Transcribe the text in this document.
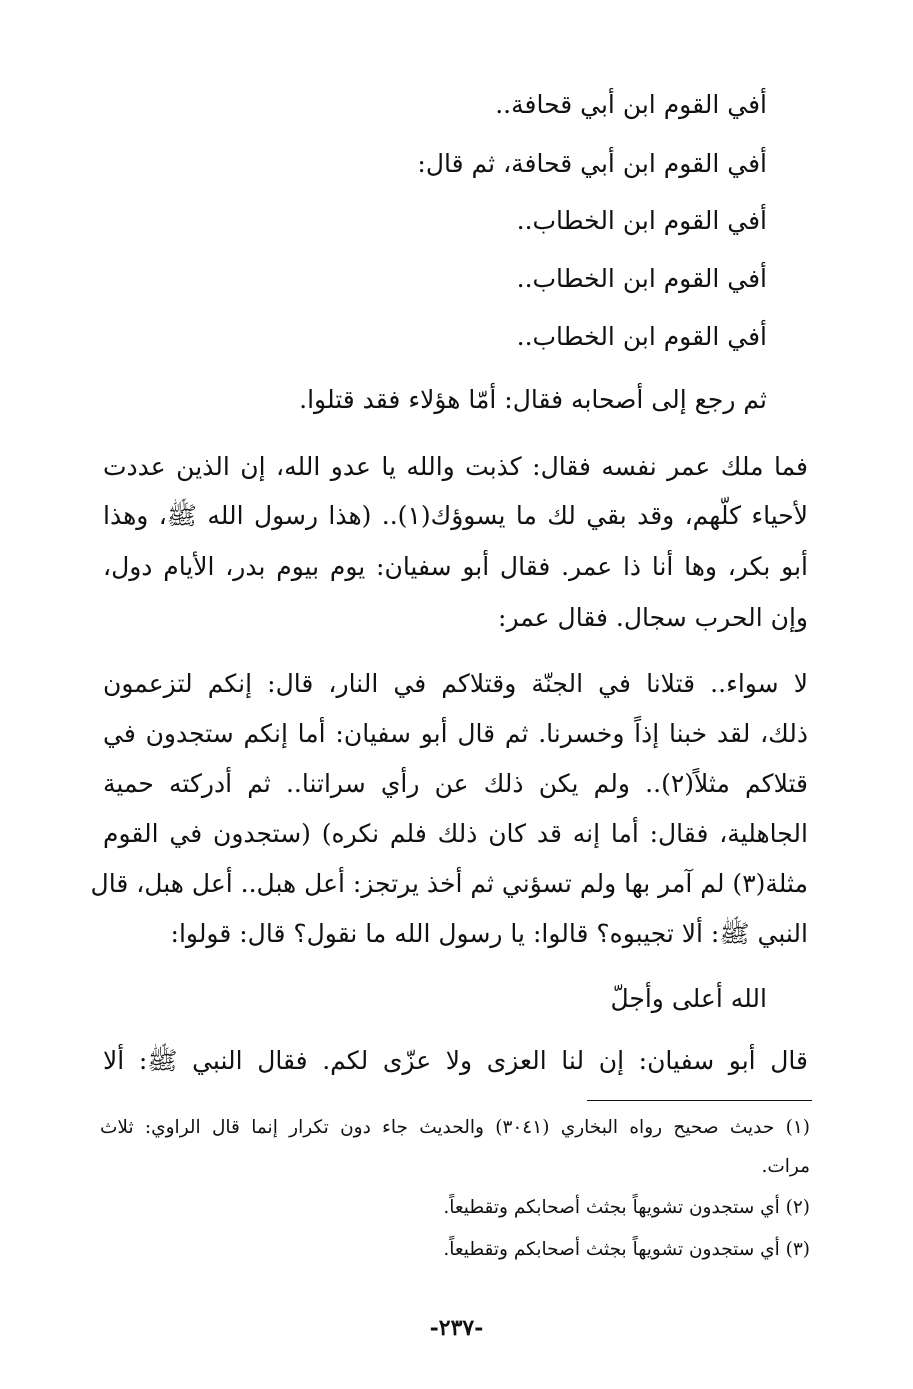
أفي القوم ابن أبي قحافة..
أفي القوم ابن أبي قحافة، ثم قال:
أفي القوم ابن الخطاب..
أفي القوم ابن الخطاب..
أفي القوم ابن الخطاب..
ثم رجع إلى أصحابه فقال: أمّا هؤلاء فقد قتلوا.
فما ملك عمر نفسه فقال: كذبت والله يا عدو الله، إن الذين عددت
لأحياء كلّهم، وقد بقي لك ما يسوؤك(١).. (هذا رسول الله ﷺ، وهذا
أبو بكر، وها أنا ذا عمر. فقال أبو سفيان: يوم بيوم بدر، الأيام دول،
وإن الحرب سجال. فقال عمر:
لا سواء.. قتلانا في الجنّة وقتلاكم في النار، قال: إنكم لتزعمون
ذلك، لقد خبنا إذاً وخسرنا. ثم قال أبو سفيان: أما إنكم ستجدون في
قتلاكم مثلاً(٢).. ولم يكن ذلك عن رأي سراتنا.. ثم أدركته حمية
الجاهلية، فقال: أما إنه قد كان ذلك فلم نكره) (ستجدون في القوم
مثلة(٣) لم آمر بها ولم تسؤني ثم أخذ يرتجز: أعل هبل.. أعل هبل، قال
النبي ﷺ: ألا تجيبوه؟ قالوا: يا رسول الله ما نقول؟ قال: قولوا:
الله أعلى وأجلّ
قال أبو سفيان: إن لنا العزى ولا عزّى لكم. فقال النبي ﷺ: ألا
(١) حديث صحيح رواه البخاري (٣٠٤١) والحديث جاء دون تكرار إنما قال الراوي: ثلاث
مرات.
(٢) أي ستجدون تشويهاً بجثث أصحابكم وتقطيعاً.
(٣) أي ستجدون تشويهاً بجثث أصحابكم وتقطيعاً.
-٢٣٧-
